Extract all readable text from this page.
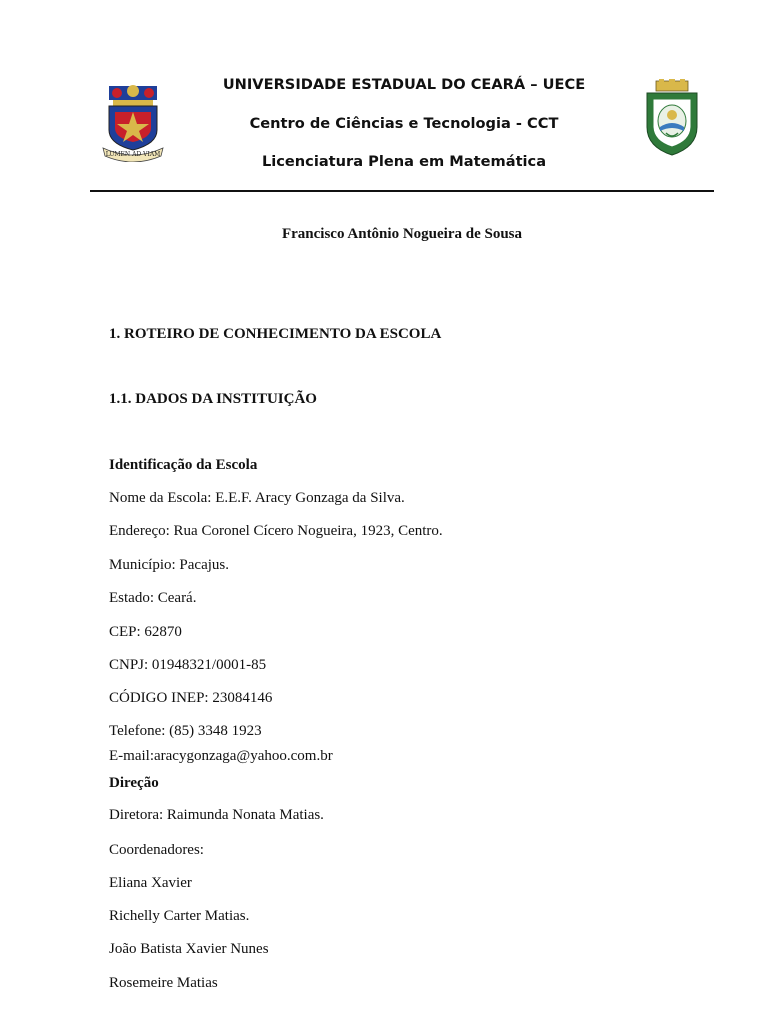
LUMEN AD VIAM
UNIVERSIDADE ESTADUAL DO CEARÁ – UECE
Centro de Ciências e Tecnologia - CCT
Licenciatura Plena em Matemática
Francisco Antônio Nogueira de Sousa
1. ROTEIRO DE CONHECIMENTO DA ESCOLA
1.1. DADOS DA INSTITUIÇÃO
Identificação da Escola
Nome da Escola: E.E.F. Aracy Gonzaga da Silva.
Endereço: Rua Coronel Cícero Nogueira, 1923, Centro.
Município: Pacajus.
Estado: Ceará.
CEP: 62870
CNPJ: 01948321/0001-85
CÓDIGO INEP: 23084146
Telefone: (85) 3348 1923
E-mail:aracygonzaga@yahoo.com.br
Direção
Diretora: Raimunda Nonata Matias.
Coordenadores:
Eliana Xavier
Richelly Carter Matias.
João Batista Xavier Nunes
Rosemeire Matias
